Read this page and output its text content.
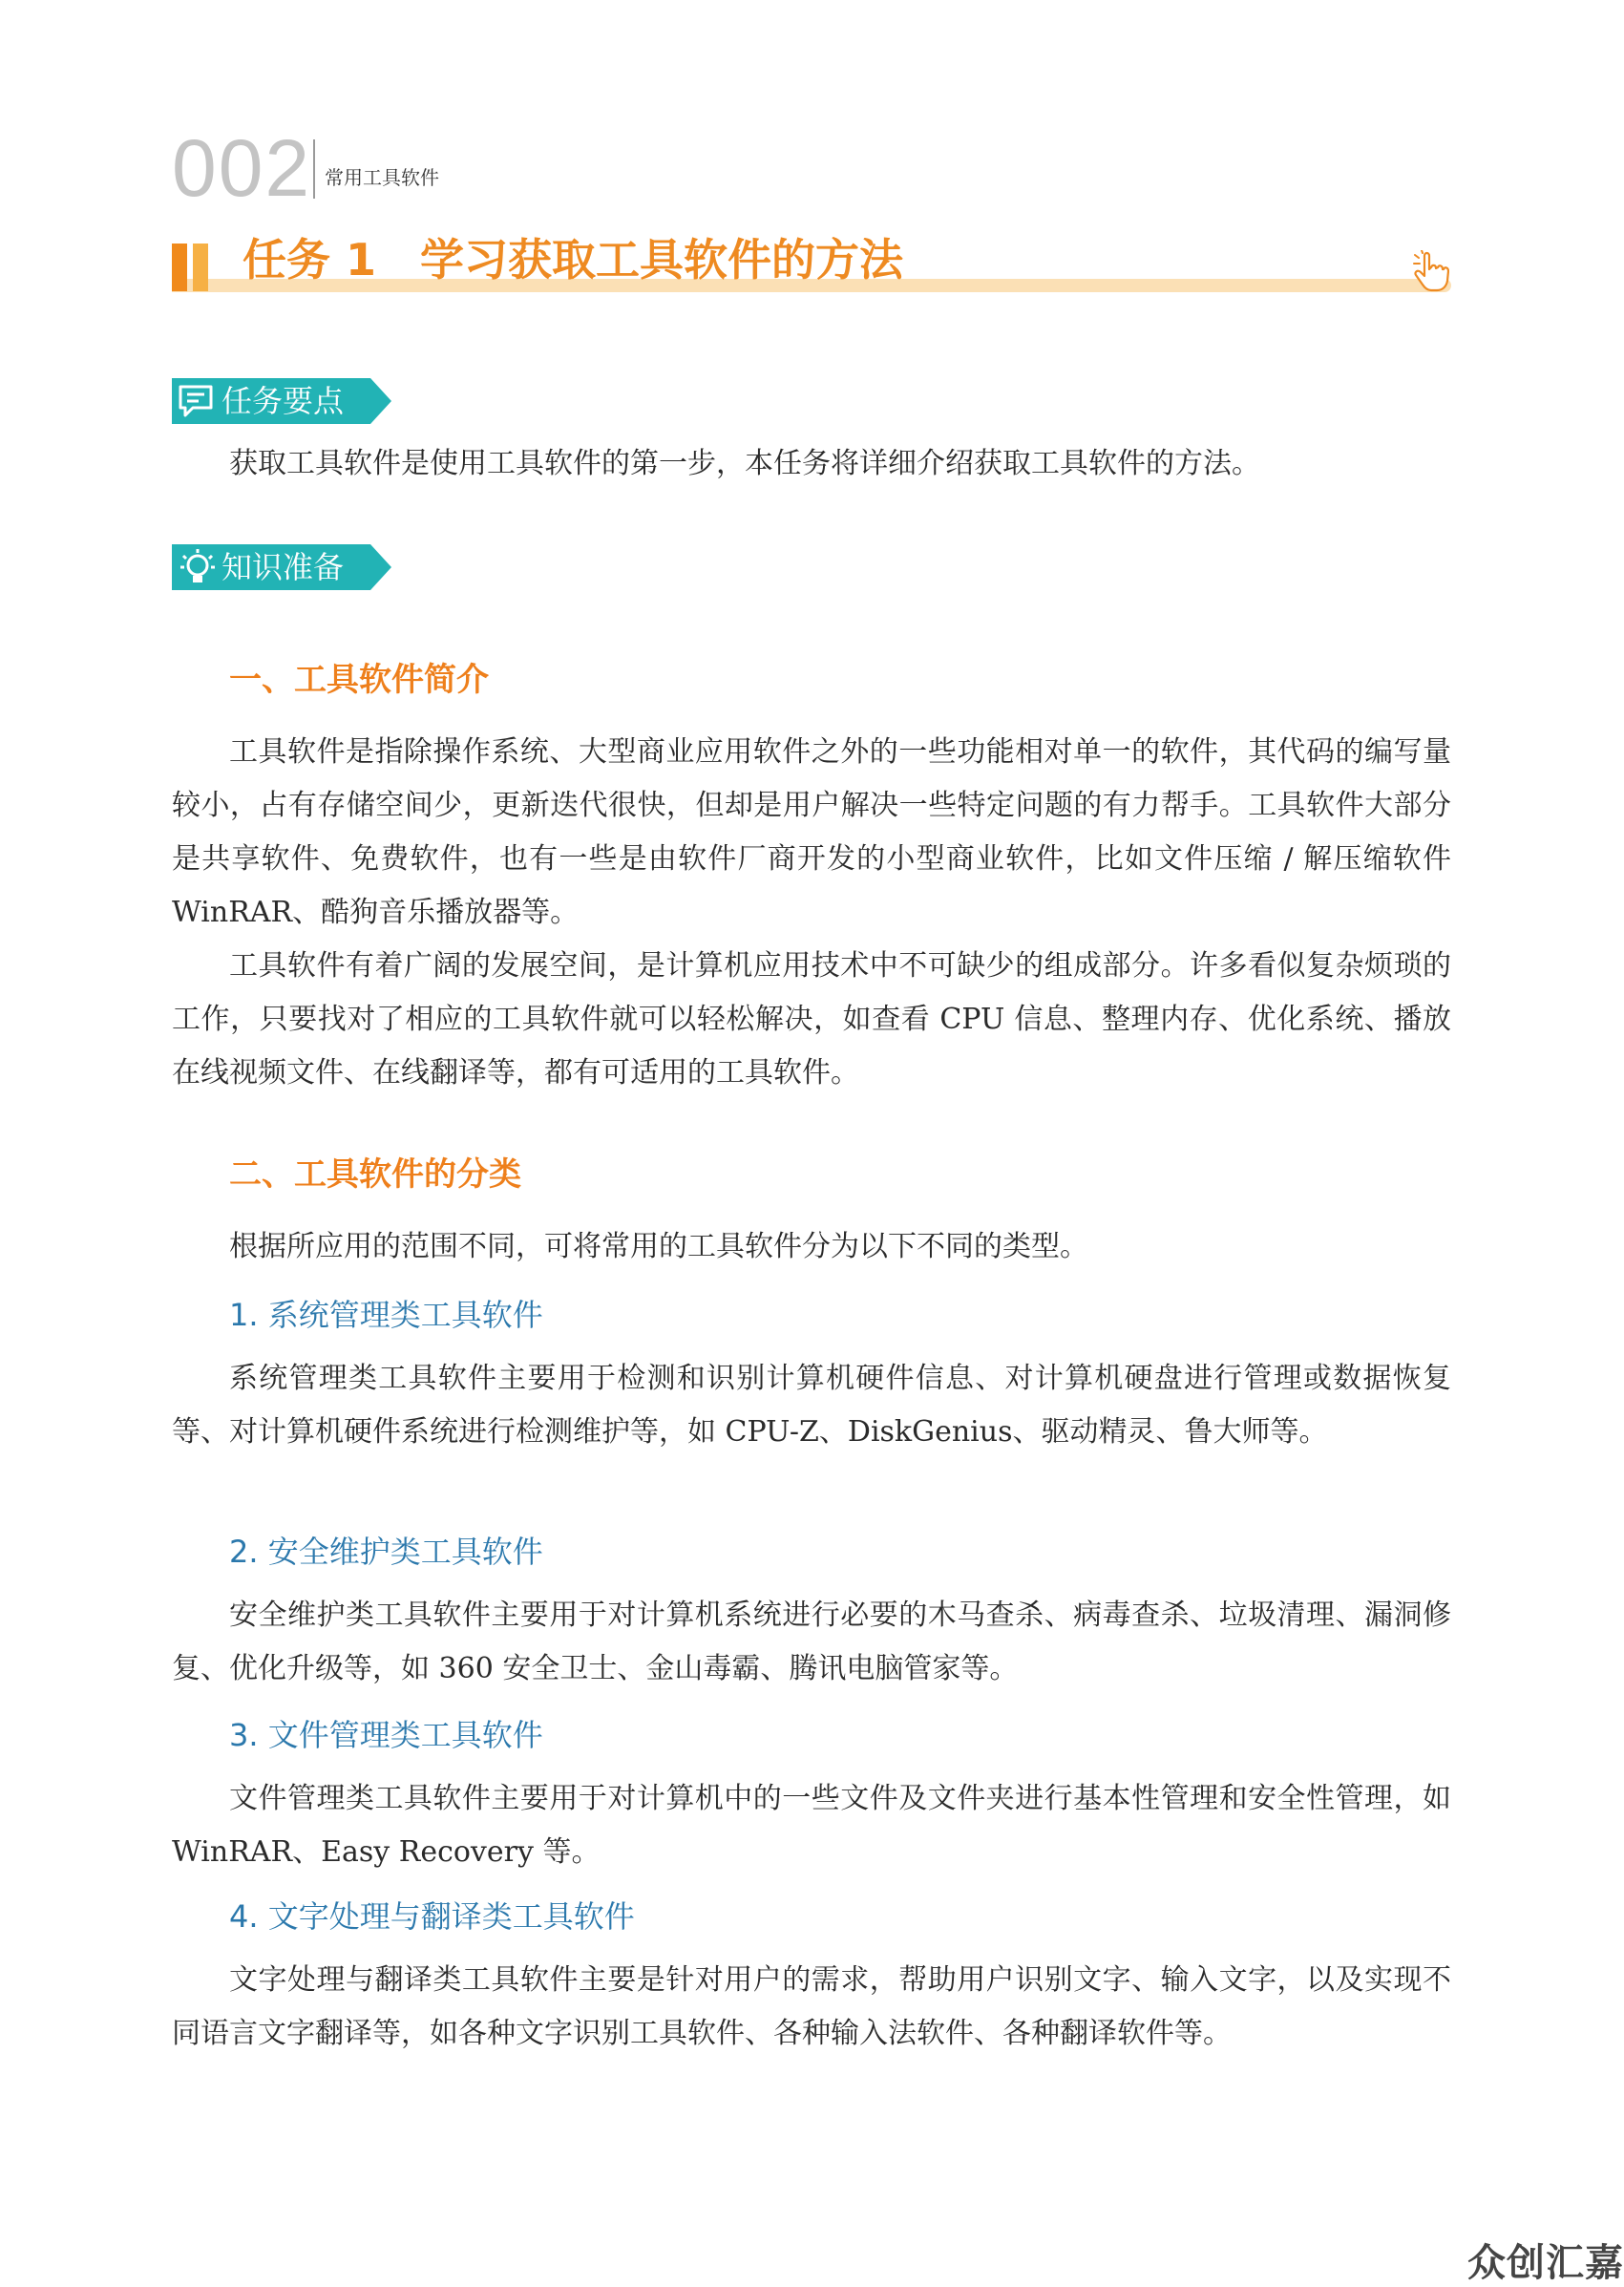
002 常用工具软件
任务 1　学习获取工具软件的方法
任务要点
获取工具软件是使用工具软件的第一步，本任务将详细介绍获取工具软件的方法。
知识准备
一、工具软件简介
工具软件是指除操作系统、大型商业应用软件之外的一些功能相对单一的软件，其代码的编写量较小，占有存储空间少，更新迭代很快，但却是用户解决一些特定问题的有力帮手。工具软件大部分是共享软件、免费软件，也有一些是由软件厂商开发的小型商业软件，比如文件压缩 / 解压缩软件 WinRAR、酷狗音乐播放器等。
工具软件有着广阔的发展空间，是计算机应用技术中不可缺少的组成部分。许多看似复杂烦琐的工作，只要找对了相应的工具软件就可以轻松解决，如查看 CPU 信息、整理内存、优化系统、播放在线视频文件、在线翻译等，都有可适用的工具软件。
二、工具软件的分类
根据所应用的范围不同，可将常用的工具软件分为以下不同的类型。
1. 系统管理类工具软件
系统管理类工具软件主要用于检测和识别计算机硬件信息、对计算机硬盘进行管理或数据恢复等、对计算机硬件系统进行检测维护等，如 CPU-Z、DiskGenius、驱动精灵、鲁大师等。
2. 安全维护类工具软件
安全维护类工具软件主要用于对计算机系统进行必要的木马查杀、病毒查杀、垃圾清理、漏洞修复、优化升级等，如 360 安全卫士、金山毒霸、腾讯电脑管家等。
3. 文件管理类工具软件
文件管理类工具软件主要用于对计算机中的一些文件及文件夹进行基本性管理和安全性管理，如 WinRAR、Easy Recovery 等。
4. 文字处理与翻译类工具软件
文字处理与翻译类工具软件主要是针对用户的需求，帮助用户识别文字、输入文字，以及实现不同语言文字翻译等，如各种文字识别工具软件、各种输入法软件、各种翻译软件等。
众创汇嘉
